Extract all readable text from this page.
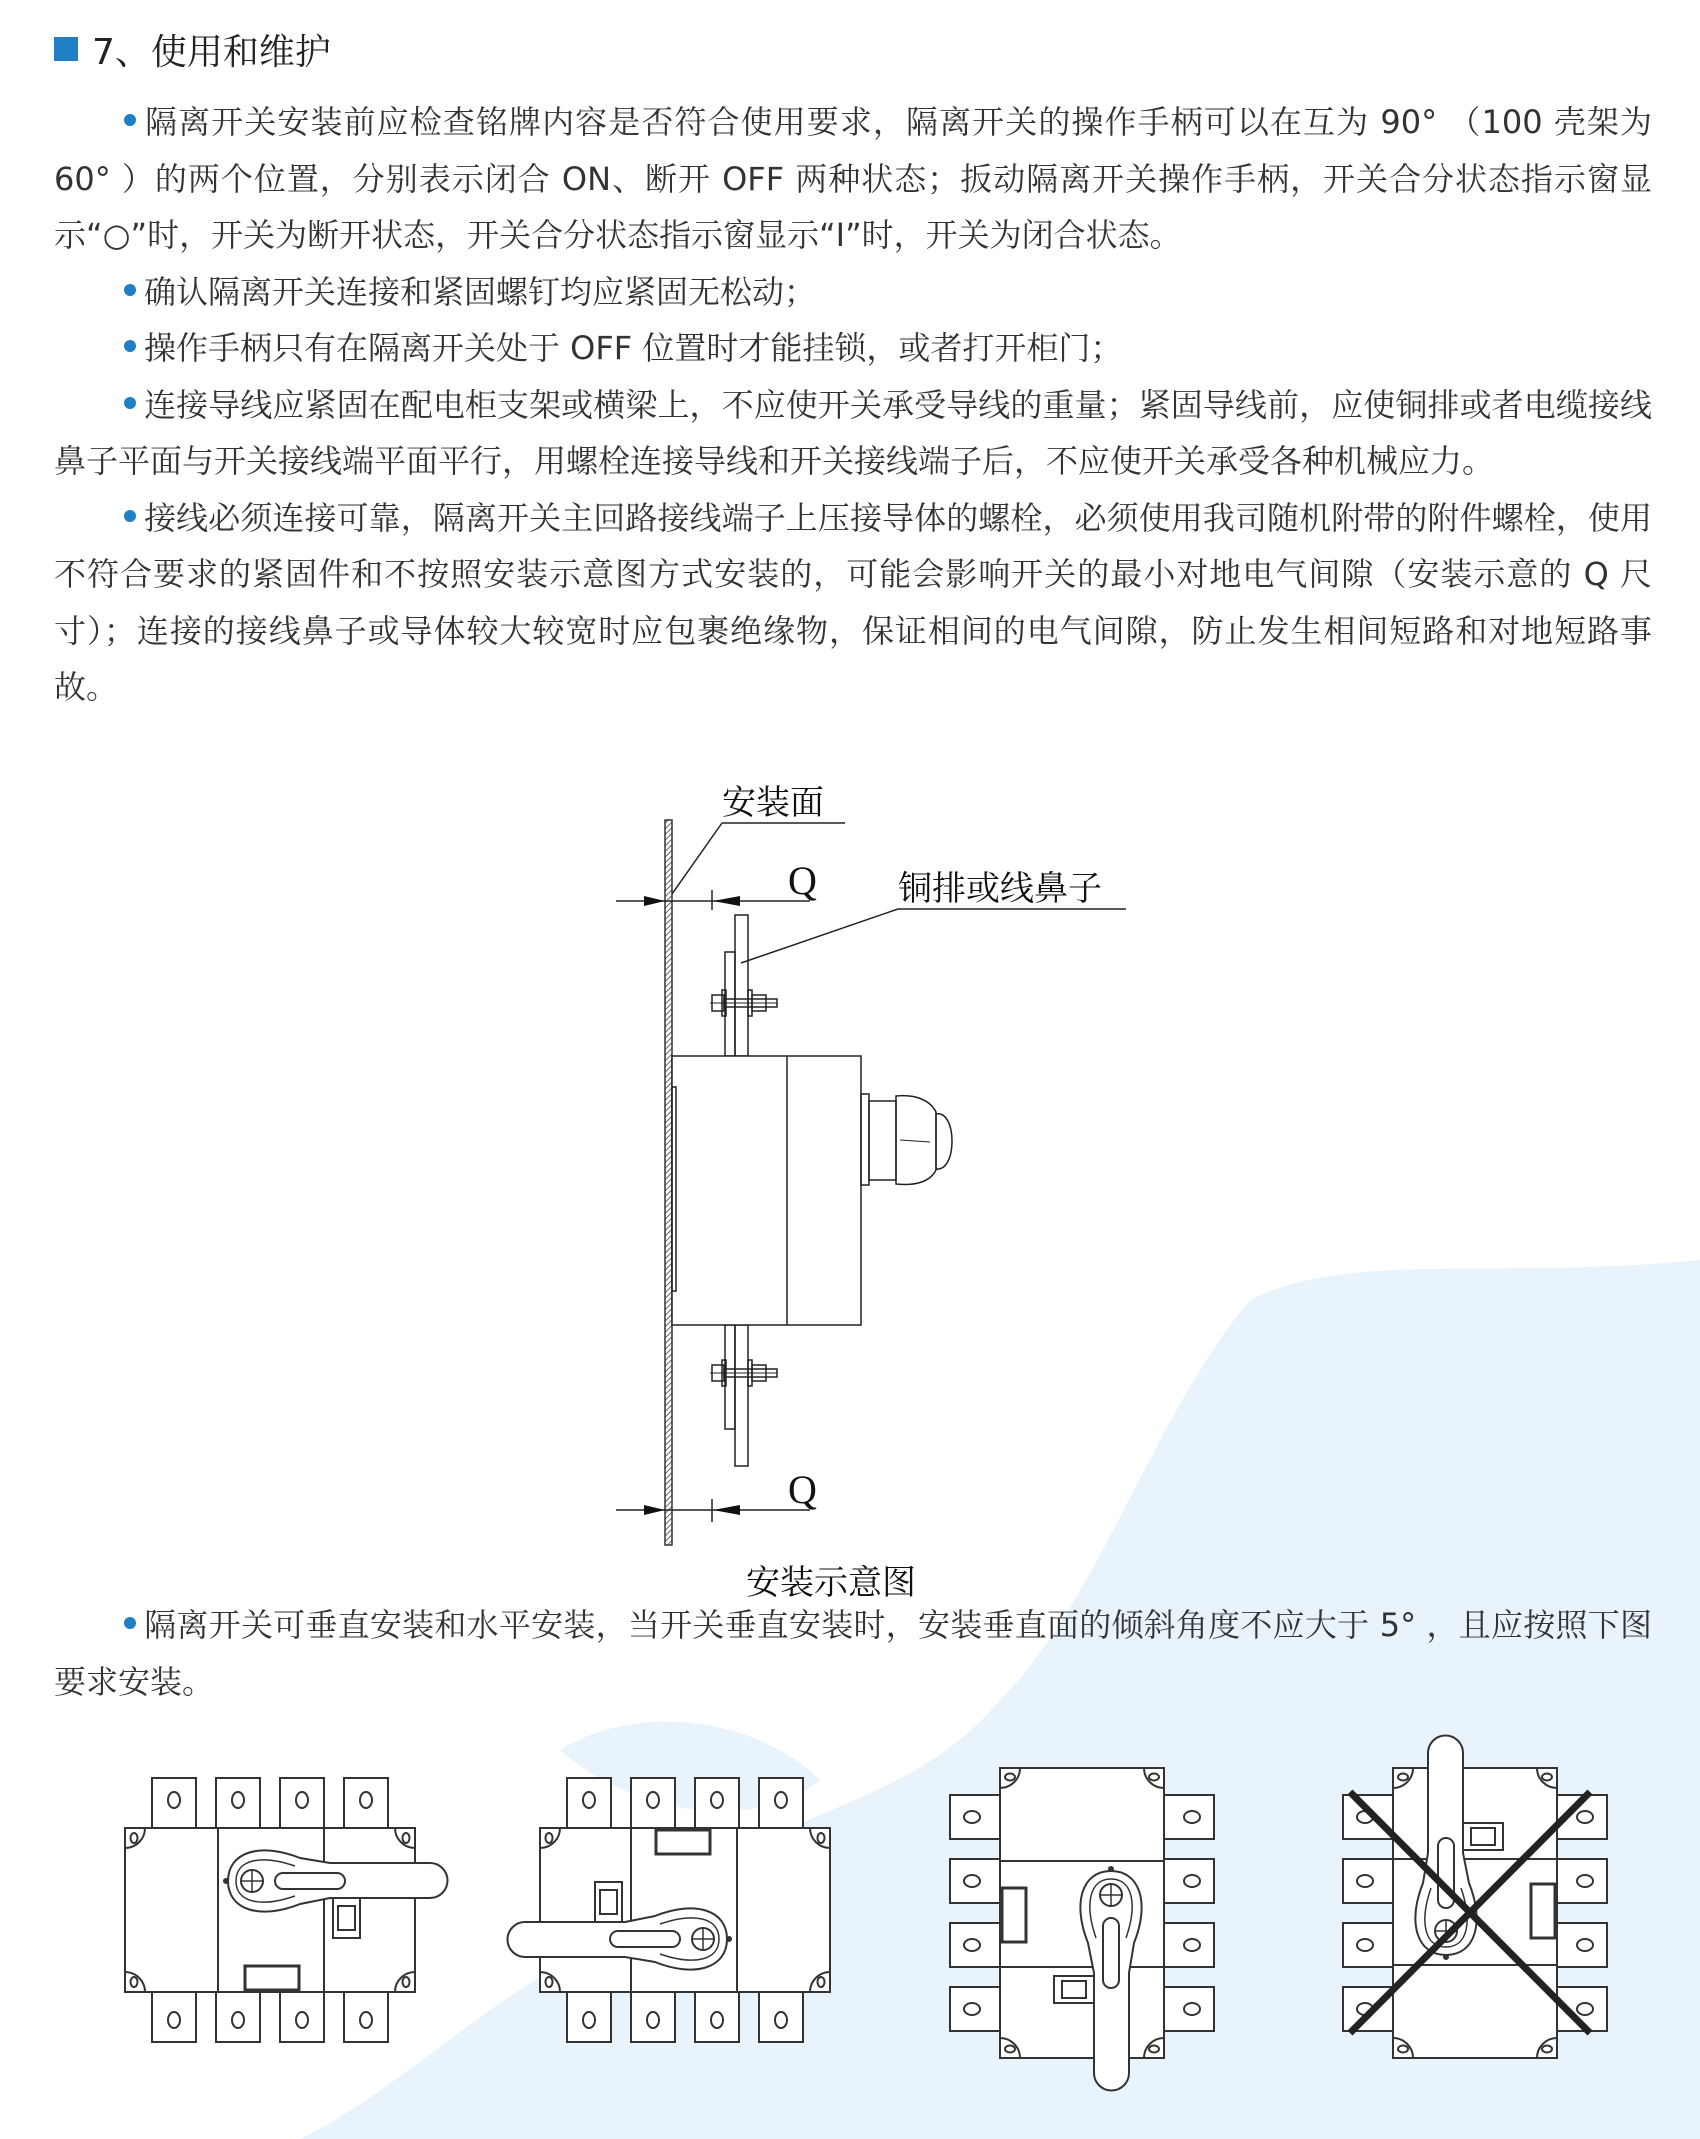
7、使用和维护

隔离开关安装前应检查铭牌内容是否符合使用要求，隔离开关的操作手柄可以在互为 90° （100 壳架为 60° ）的两个位置，分别表示闭合 ON、断开 OFF 两种状态；扳动隔离开关操作手柄，开关合分状态指示窗显示“○”时，开关为断开状态，开关合分状态指示窗显示“I”时，开关为闭合状态。

确认隔离开关连接和紧固螺钉均应紧固无松动；

操作手柄只有在隔离开关处于 OFF 位置时才能挂锁，或者打开柜门；

连接导线应紧固在配电柜支架或横梁上，不应使开关承受导线的重量；紧固导线前，应使铜排或者电缆接线鼻子平面与开关接线端平面平行，用螺栓连接导线和开关接线端子后，不应使开关承受各种机械应力。

接线必须连接可靠，隔离开关主回路接线端子上压接导体的螺栓，必须使用我司随机附带的附件螺栓，使用不符合要求的紧固件和不按照安装示意图方式安装的，可能会影响开关的最小对地电气间隙（安装示意的 Q 尺寸）；连接的接线鼻子或导体较大较宽时应包裹绝缘物，保证相间的电气间隙，防止发生相间短路和对地短路事故。

安装面
铜排或线鼻子
Q
Q
安装示意图

隔离开关可垂直安装和水平安装，当开关垂直安装时，安装垂直面的倾斜角度不应大于 5° ，且应按照下图要求安装。
